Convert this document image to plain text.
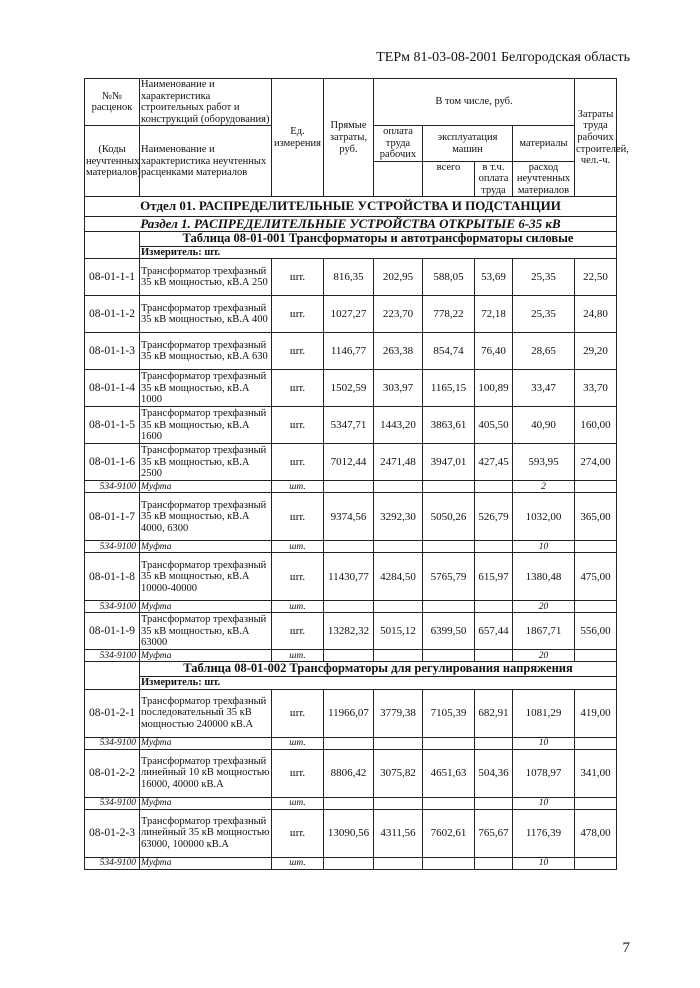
ТЕРм 81-03-08-2001 Белгородская область
№№ расценок	Наименование и характеристика строительных работ и конструкций (оборудования)	Ед. измерения	Прямые затраты, руб.	В том числе, руб.				Затраты труда рабочих строителей, чел.-ч.
(Коды неучтенных материалов)	Наименование и характеристика неучтенных расценками материалов			оплата труда рабочих	эксплуатация машин		материалы	
					всего	в т.ч. оплата труда	расход неучтенных материалов	
Отдел 01. РАСПРЕДЕЛИТЕЛЬНЫЕ УСТРОЙСТВА И ПОДСТАНЦИИ								
Раздел 1. РАСПРЕДЕЛИТЕЛЬНЫЕ УСТРОЙСТВА ОТКРЫТЫЕ 6-35 кВ								
	Таблица 08-01-001 Трансформаторы и автотрансформаторы силовые							
	Измеритель: шт.							
08-01-1-1	Трансформатор трехфазный 35 кВ мощностью, кВ.А 250	шт.	816,35	202,95	588,05	53,69	25,35	22,50
08-01-1-2	Трансформатор трехфазный 35 кВ мощностью, кВ.А 400	шт.	1027,27	223,70	778,22	72,18	25,35	24,80
08-01-1-3	Трансформатор трехфазный 35 кВ мощностью, кВ.А 630	шт.	1146,77	263,38	854,74	76,40	28,65	29,20
08-01-1-4	Трансформатор трехфазный 35 кВ мощностью, кВ.А 1000	шт.	1502,59	303,97	1165,15	100,89	33,47	33,70
08-01-1-5	Трансформатор трехфазный 35 кВ мощностью, кВ.А 1600	шт.	5347,71	1443,20	3863,61	405,50	40,90	160,00
08-01-1-6	Трансформатор трехфазный 35 кВ мощностью, кВ.А 2500	шт.	7012,44	2471,48	3947,01	427,45	593,95	274,00
534-9100	Муфта	шт.					2	
08-01-1-7	Трансформатор трехфазный 35 кВ мощностью, кВ.А 4000, 6300	шт.	9374,56	3292,30	5050,26	526,79	1032,00	365,00
534-9100	Муфта	шт.					10	
08-01-1-8	Трансформатор трехфазный 35 кВ мощностью, кВ.А 10000-40000	шт.	11430,77	4284,50	5765,79	615,97	1380,48	475,00
534-9100	Муфта	шт.					20	
08-01-1-9	Трансформатор трехфазный 35 кВ мощностью, кВ.А 63000	шт.	13282,32	5015,12	6399,50	657,44	1867,71	556,00
534-9100	Муфта	шт.					20	
	Таблица 08-01-002 Трансформаторы для регулирования напряжения							
	Измеритель: шт.							
08-01-2-1	Трансформатор трехфазный последовательный 35 кВ мощностью 240000 кВ.А	шт.	11966,07	3779,38	7105,39	682,91	1081,29	419,00
534-9100	Муфта	шт.					10	
08-01-2-2	Трансформатор трехфазный линейный 10 кВ мощностью 16000, 40000 кВ.А	шт.	8806,42	3075,82	4651,63	504,36	1078,97	341,00
534-9100	Муфта	шт.					10	
08-01-2-3	Трансформатор трехфазный линейный 35 кВ мощностью 63000, 100000 кВ.А	шт.	13090,56	4311,56	7602,61	765,67	1176,39	478,00
534-9100	Муфта	шт.					10	
7
